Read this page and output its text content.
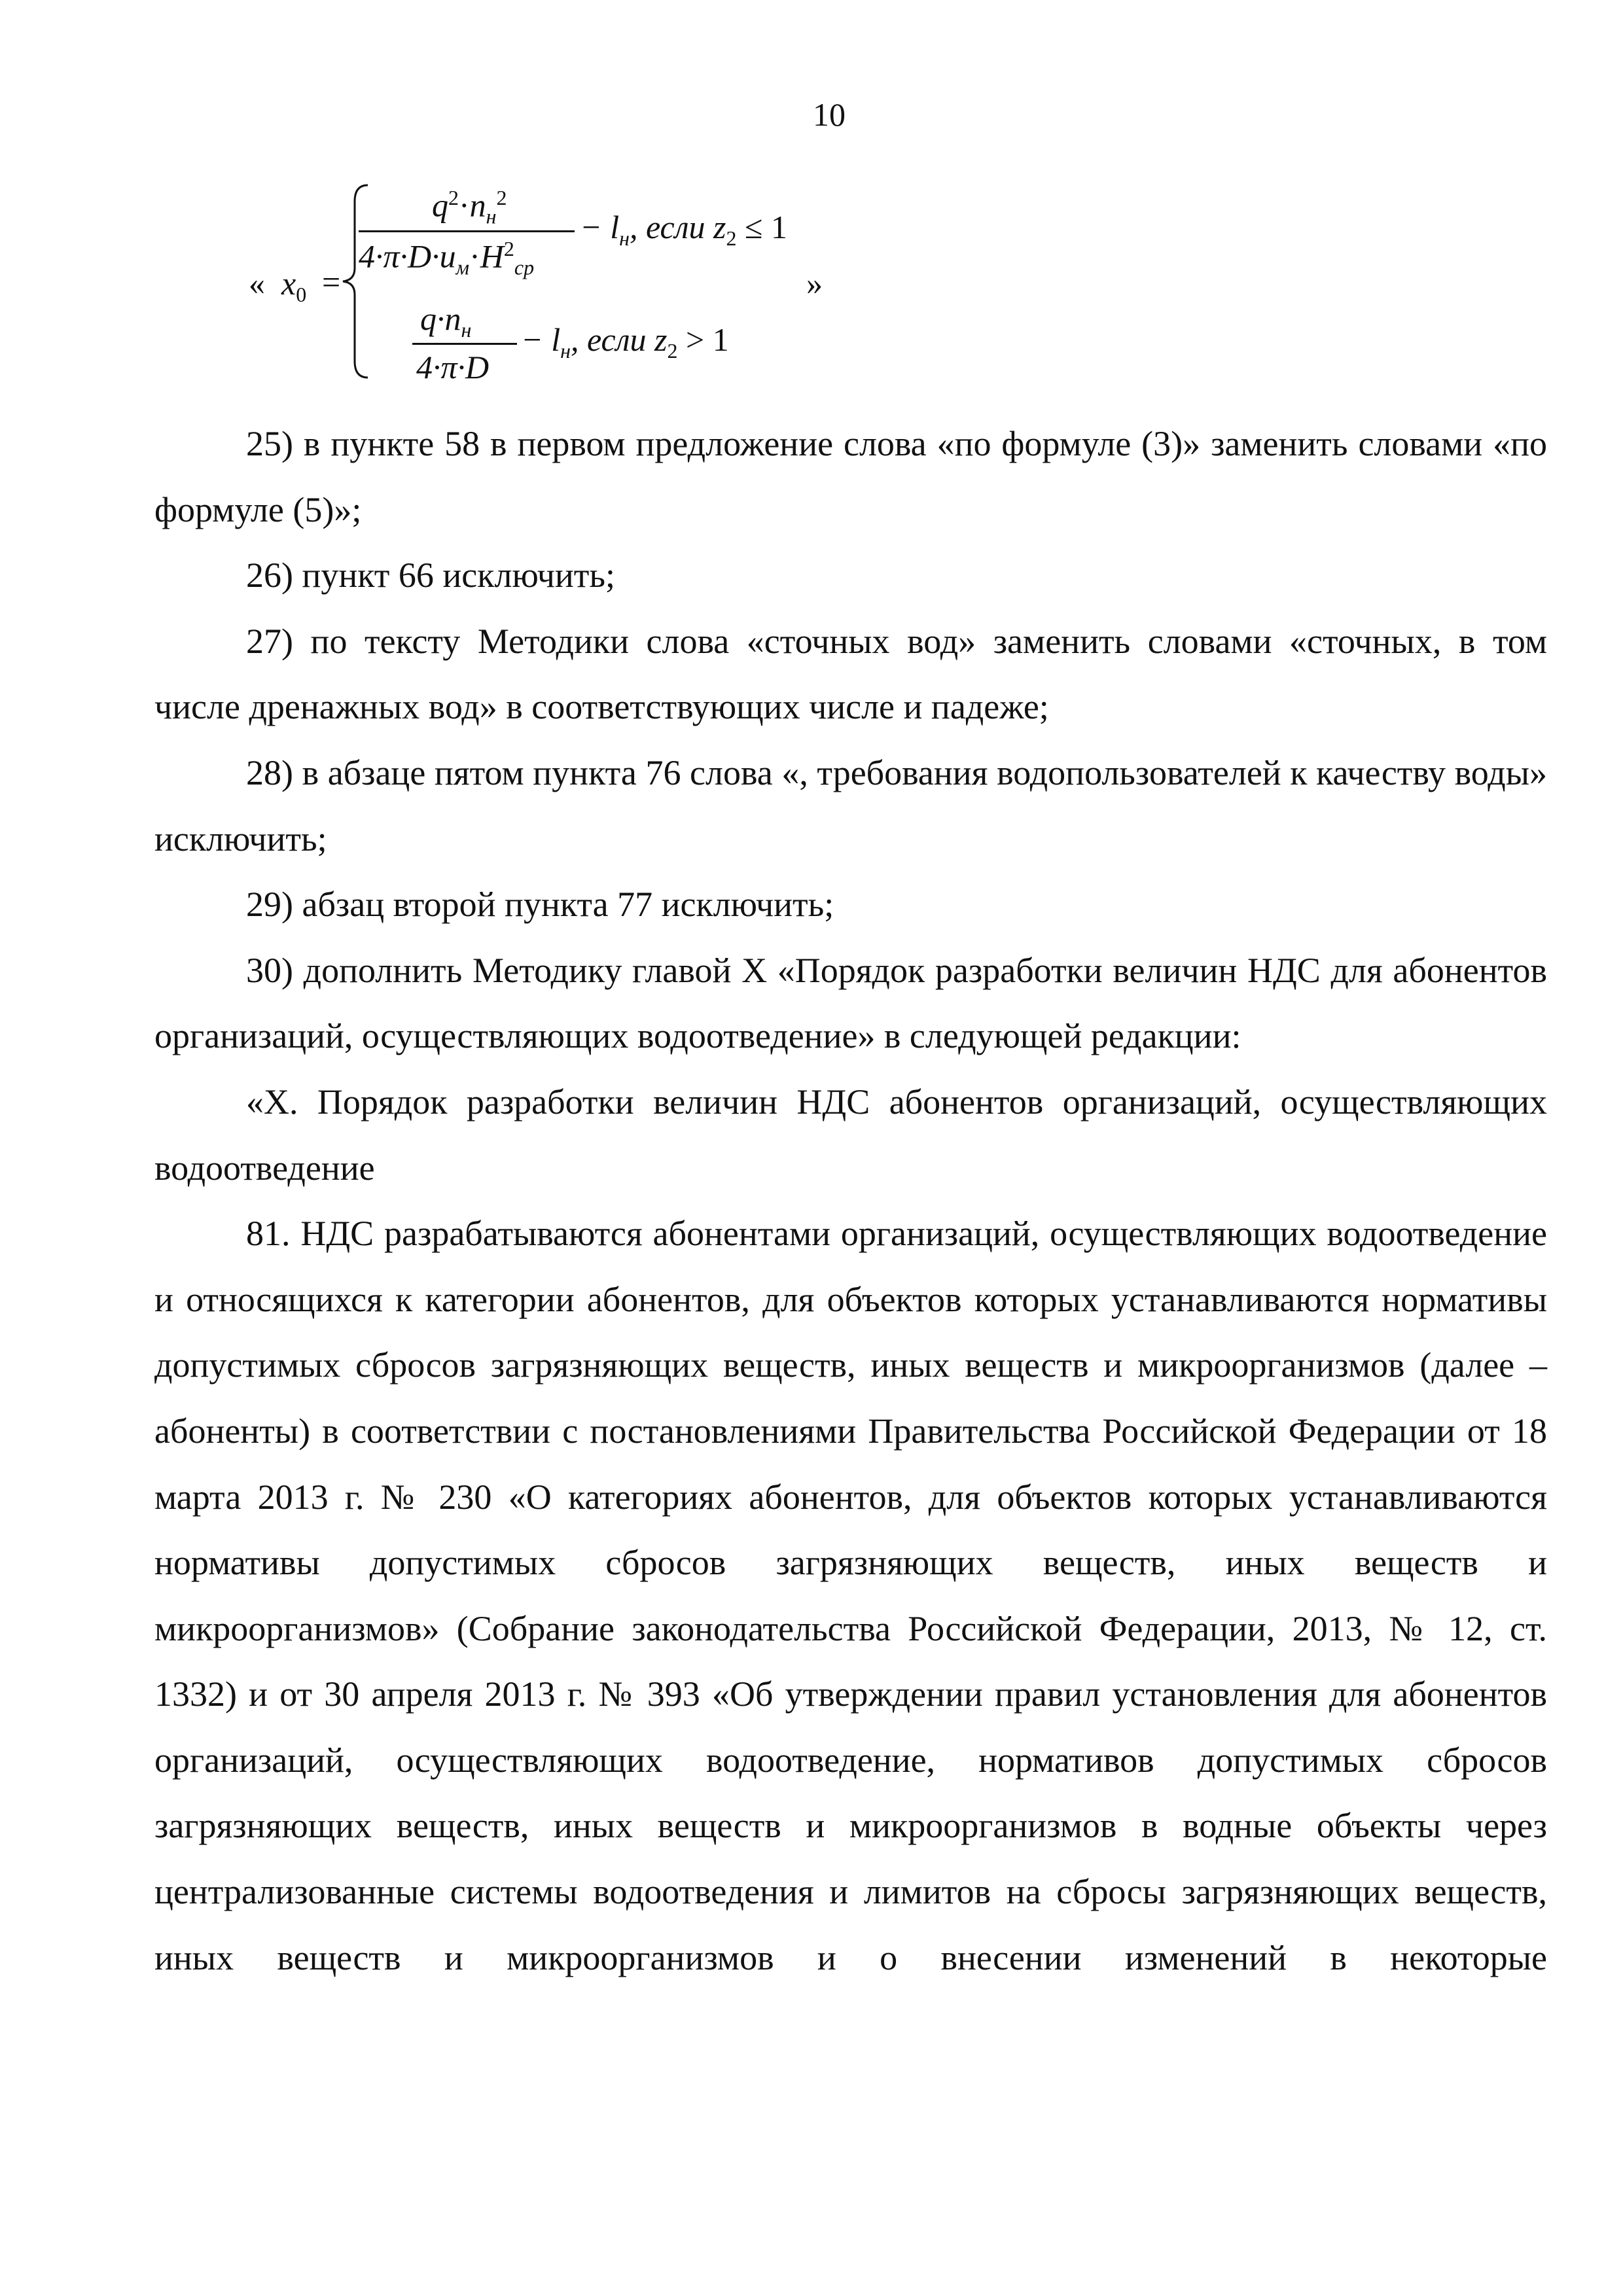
10
« $x_0$ =
$q^2\cdot n_н^2$
$4\cdot\pi\cdot D\cdot u_м\cdot H^2_{ср}$
− $l_н$, если $z_2 \le 1$
»
$q\cdot n_н$
4·π·D
− $l_н$, если $z_2 > 1$

25) в пункте 58 в первом предложение слова «по формуле (3)» заменить словами «по формуле (5)»;

26) пункт 66 исключить;

27) по тексту Методики слова «сточных вод» заменить словами «сточных, в том числе дренажных вод» в соответствующих числе и падеже;

28) в абзаце пятом пункта 76 слова «, требования водопользователей к качеству воды» исключить;

29) абзац второй пункта 77 исключить;

30) дополнить Методику главой X «Порядок разработки величин НДС для абонентов организаций, осуществляющих водоотведение» в следующей редакции:

«X. Порядок разработки величин НДС абонентов организаций, осуществляющих водоотведение

81. НДС разрабатываются абонентами организаций, осуществляющих водоотведение и относящихся к категории абонентов, для объектов которых устанавливаются нормативы допустимых сбросов загрязняющих веществ, иных веществ и микроорганизмов (далее – абоненты) в соответствии с постановлениями Правительства Российской Федерации от 18 марта 2013 г. № 230 «О категориях абонентов, для объектов которых устанавливаются нормативы допустимых сбросов загрязняющих веществ, иных веществ и микроорганизмов» (Собрание законодательства Российской Федерации, 2013, № 12, ст. 1332) и от 30 апреля 2013 г. № 393 «Об утверждении правил установления для абонентов организаций, осуществляющих водоотведение, нормативов допустимых сбросов загрязняющих веществ, иных веществ и микроорганизмов в водные объекты через централизованные системы водоотведения и лимитов на сбросы загрязняющих веществ, иных веществ и микроорганизмов и о внесении изменений в некоторые
